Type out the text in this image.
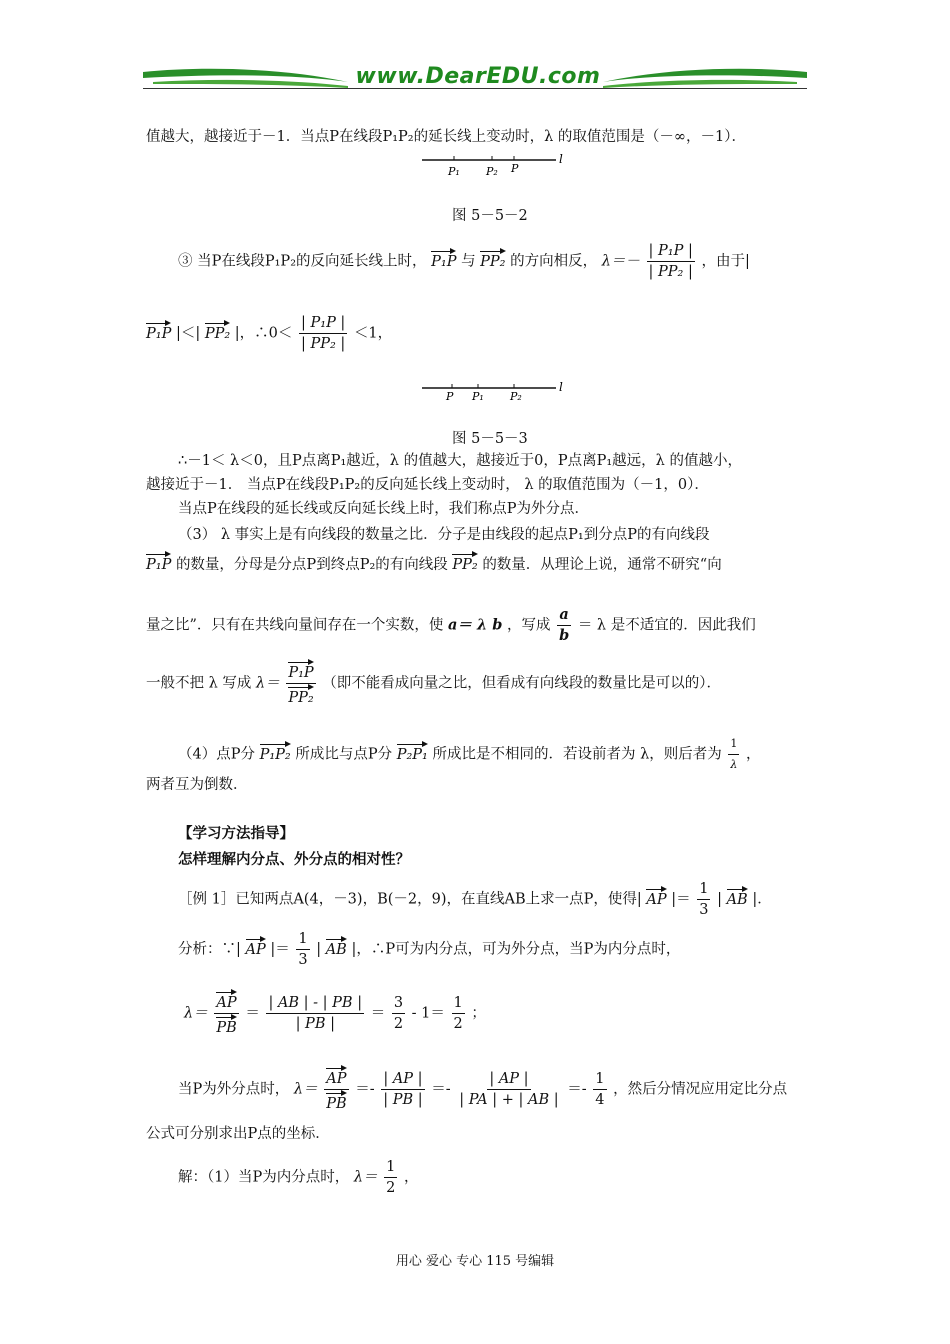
www.DearEDU.com
值越大，越接近于－1．当点P在线段P₁P₂的延长线上变动时，λ 的取值范围是（－∞，－1）．
P₁ P₂ P
l
图 5－5－2
③ 当P在线段P₁P₂的反向延长线上时， P₁P 与 PP₂ 的方向相反， $\lambda=- \frac{\text{| P₁P |}}{\text{| PP₂ |}}$ ，由于|
P₁P |＜| PP₂ |，∴0＜ $\frac{\text{| P₁P |}}{\text{| PP₂ |}} <1$，
P P₁ P₂
l
图 5－5－3
∴－1＜ λ＜0，且P点离P₁越近，λ 的值越大，越接近于0，P点离P₁越远，λ 的值越小，
越接近于－1． 当点P在线段P₁P₂的反向延长线上变动时， λ 的取值范围为（－1，0）．
当点P在线段的延长线或反向延长线上时，我们称点P为外分点．
（3） λ 事实上是有向线段的数量之比．分子是由线段的起点P₁到分点P的有向线段
P₁P 的数量，分母是分点P到终点P₂的有向线段 PP₂ 的数量．从理论上说，通常不研究“向
量之比”．只有在共线向量间存在一个实数，使 a＝ λ b ，写成 $\frac{a}{b} = \lambda$ 是不适宜的．因此我们
一般不把 λ 写成 $\lambda= \frac{\text{P₁P}}{\text{PP₂}}$ （即不能看成向量之比，但看成有向线段的数量比是可以的）．
（4）点P分 P₁P₂ 所成比与点P分 P₂P₁ 所成比是不相同的．若设前者为 λ，则后者为 $\frac{1}{\lambda}$ ，
两者互为倒数．
【学习方法指导】
怎样理解内分点、外分点的相对性？
［例 1］已知两点A(4，－3)，B(－2，9)，在直线AB上求一点P，使得| AP |＝ $\frac{1}{3}$ | AB |．
分析：∵| AP |＝ $\frac{1}{3}$ | AB |，∴P可为内分点，可为外分点，当P为内分点时，
$\lambda= \frac{AP}{PB} = \frac{| AB | - | PB |}{| PB |} = \frac{3}{2} - 1= \frac{1}{2}$ ；
当P为外分点时， $\lambda= \frac{AP}{PB} =- \frac{| AP |}{| PB |} =- \frac{| AP |}{| PA | + | AB |} =- \frac{1}{4}$ ，然后分情况应用定比分点
公式可分别求出P点的坐标．
解：（1）当P为内分点时， $\lambda= \frac{1}{2}$ ，
用心 爱心 专心 115 号编辑
